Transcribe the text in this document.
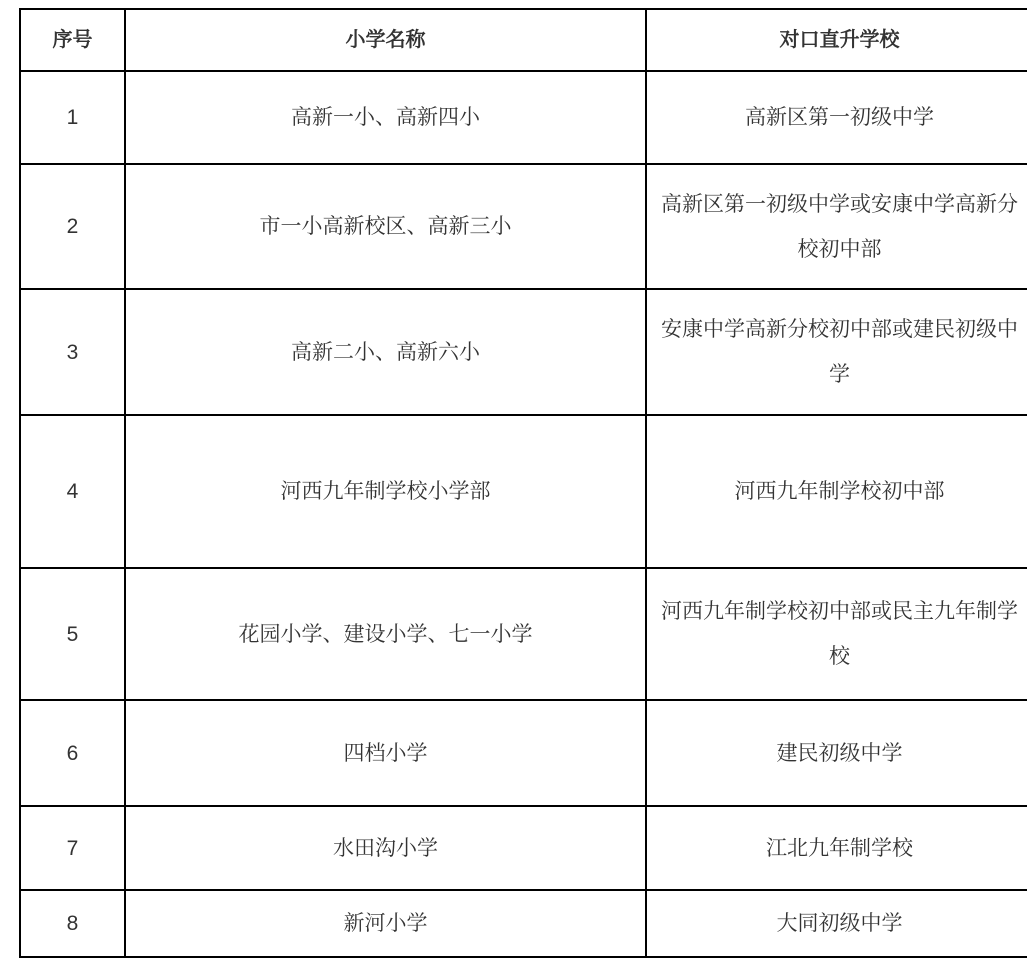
序号	小学名称	对口直升学校
1	高新一小、高新四小	高新区第一初级中学
2	市一小高新校区、高新三小	高新区第一初级中学或安康中学高新分校初中部
3	高新二小、高新六小	安康中学高新分校初中部或建民初级中学
4	河西九年制学校小学部	河西九年制学校初中部
5	花园小学、建设小学、七一小学	河西九年制学校初中部或民主九年制学校
6	四档小学	建民初级中学
7	水田沟小学	江北九年制学校
8	新河小学	大同初级中学
